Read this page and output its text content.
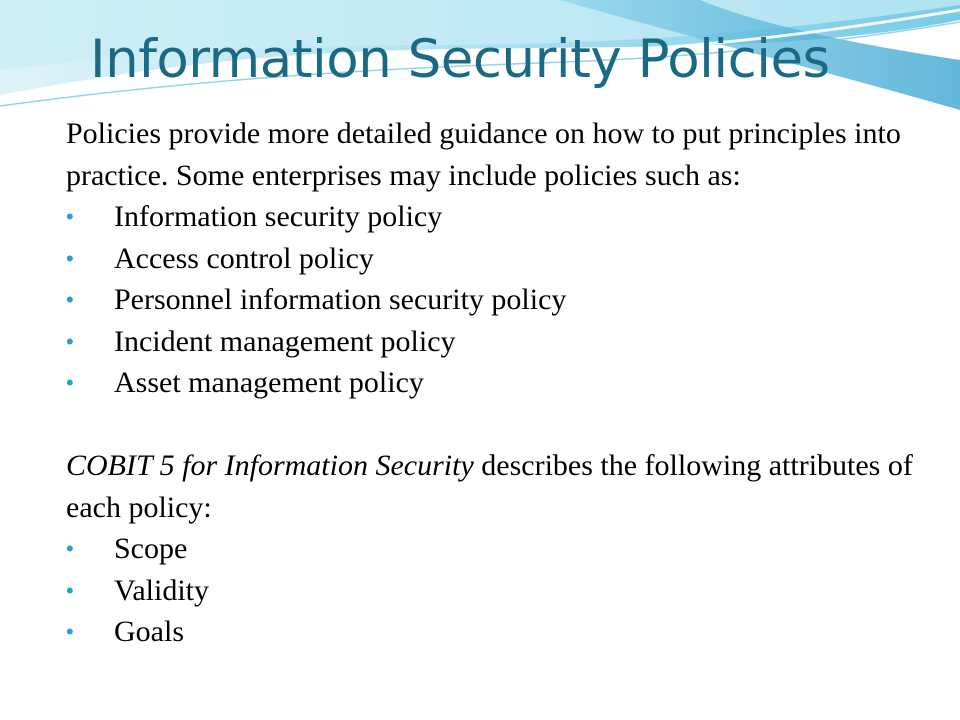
Information Security Policies

Policies provide more detailed guidance on how to put principles into practice. Some enterprises may include policies such as:

• Information security policy
• Access control policy
• Personnel information security policy
• Incident management policy
• Asset management policy

COBIT 5 for Information Security describes the following attributes of each policy:

• Scope
• Validity
• Goals
